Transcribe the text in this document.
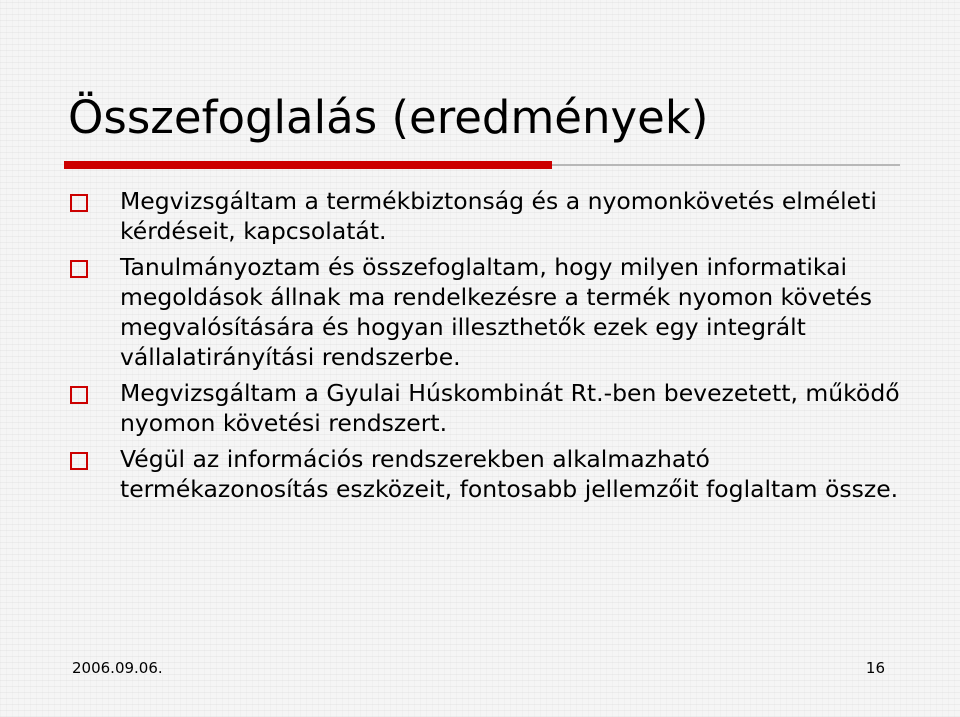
Összefoglalás (eredmények)
Megvizsgáltam a termékbiztonság és a nyomonkövetés elméleti kérdéseit, kapcsolatát.
Tanulmányoztam és összefoglaltam, hogy milyen informatikai megoldások állnak ma rendelkezésre a termék nyomon követés megvalósítására és hogyan illeszthetők ezek egy integrált vállalatirányítási rendszerbe.
Megvizsgáltam a Gyulai Húskombinát Rt.-ben bevezetett, működő nyomon követési rendszert.
Végül az információs rendszerekben alkalmazható termékazonosítás eszközeit, fontosabb jellemzőit foglaltam össze.
2006.09.06.	16
